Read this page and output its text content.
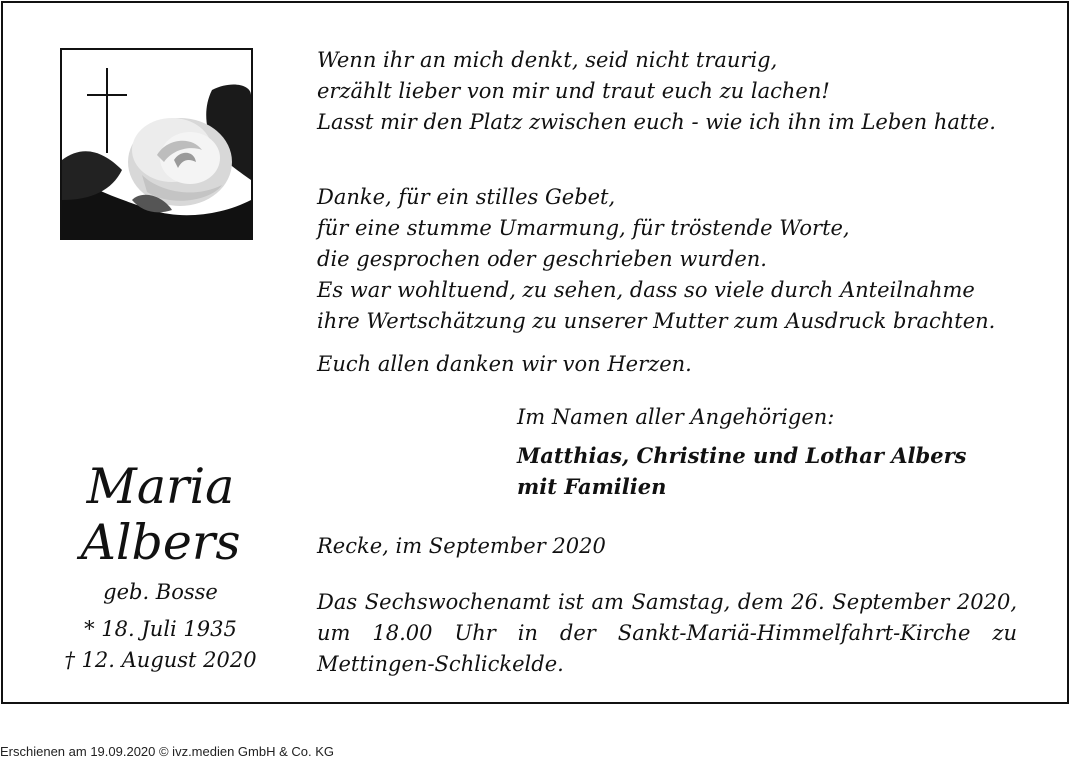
Wenn ihr an mich denkt, seid nicht traurig,
erzählt lieber von mir und traut euch zu lachen!
Lasst mir den Platz zwischen euch - wie ich ihn im Leben hatte.
Danke, für ein stilles Gebet,
für eine stumme Umarmung, für tröstende Worte,
die gesprochen oder geschrieben wurden.
Es war wohltuend, zu sehen, dass so viele durch Anteilnahme
ihre Wertschätzung zu unserer Mutter zum Ausdruck brachten.
Euch allen danken wir von Herzen.
Im Namen aller Angehörigen:
Matthias, Christine und Lothar Albers
mit Familien
Recke, im September 2020
Das Sechswochenamt ist am Samstag, dem 26. September 2020, um 18.00 Uhr in der Sankt-Mariä-Himmelfahrt-Kirche zu Mettingen-Schlickelde.
Maria
Albers
geb. Bosse
* 18. Juli 1935
† 12. August 2020
Erschienen am 19.09.2020 © ivz.medien GmbH & Co. KG
